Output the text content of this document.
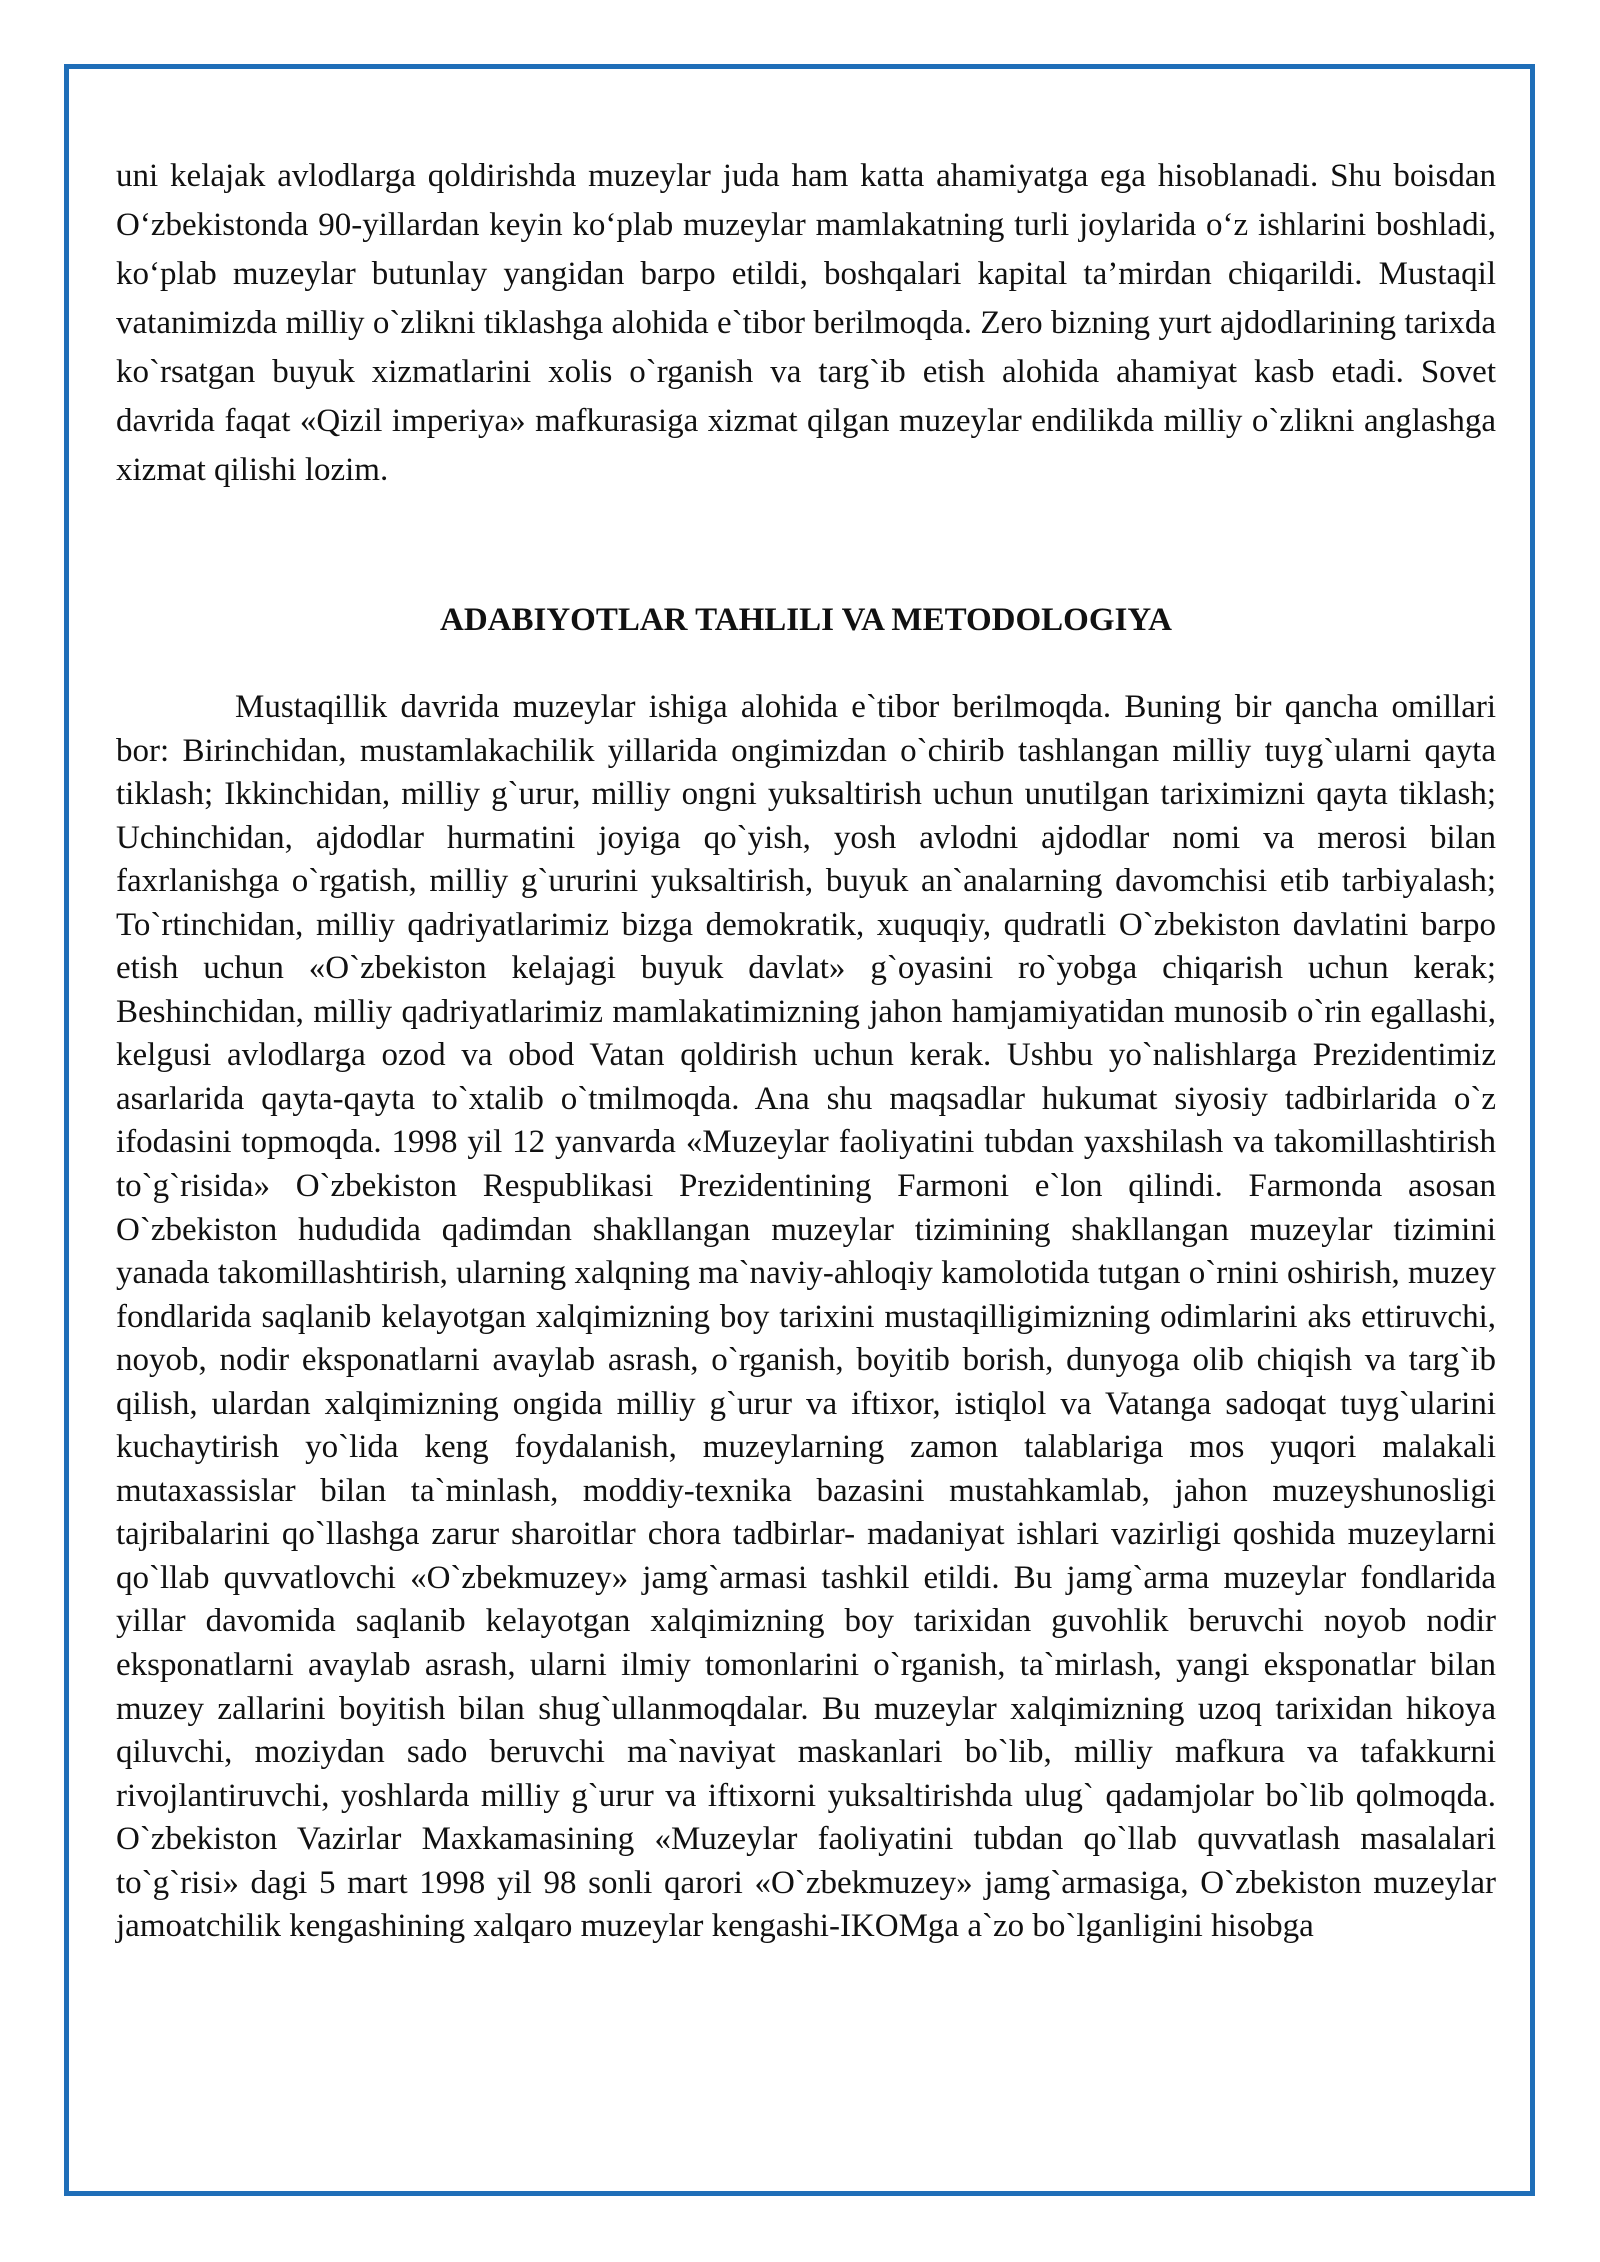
uni kelajak avlodlarga qoldirishda muzeylar juda ham katta ahamiyatga ega hisoblanadi. Shu boisdan O‘zbekistonda 90-yillardan keyin ko‘plab muzeylar mamlakatning turli joylarida o‘z ishlarini boshladi, ko‘plab muzeylar butunlay yangidan barpo etildi, boshqalari kapital ta’mirdan chiqarildi. Mustaqil vatanimizda milliy o`zlikni tiklashga alohida e`tibor berilmoqda. Zero bizning yurt ajdodlarining tarixda ko`rsatgan buyuk xizmatlarini xolis o`rganish va targ`ib etish alohida ahamiyat kasb etadi. Sovet davrida faqat «Qizil imperiya» mafkurasiga xizmat qilgan muzeylar endilikda milliy o`zlikni anglashga xizmat qilishi lozim.

ADABIYOTLAR TAHLILI VA METODOLOGIYA

Mustaqillik davrida muzeylar ishiga alohida e`tibor berilmoqda. Buning bir qancha omillari bor: Birinchidan, mustamlakachilik yillarida ongimizdan o`chirib tashlangan milliy tuyg`ularni qayta tiklash; Ikkinchidan, milliy g`urur, milliy ongni yuksaltirish uchun unutilgan tariximizni qayta tiklash; Uchinchidan, ajdodlar hurmatini joyiga qo`yish, yosh avlodni ajdodlar nomi va merosi bilan faxrlanishga o`rgatish, milliy g`ururini yuksaltirish, buyuk an`analarning davomchisi etib tarbiyalash; To`rtinchidan, milliy qadriyatlarimiz bizga demokratik, xuquqiy, qudratli O`zbekiston davlatini barpo etish uchun «O`zbekiston kelajagi buyuk davlat» g`oyasini ro`yobga chiqarish uchun kerak; Beshinchidan, milliy qadriyatlarimiz mamlakatimizning jahon hamjamiyatidan munosib o`rin egallashi, kelgusi avlodlarga ozod va obod Vatan qoldirish uchun kerak. Ushbu yo`nalishlarga Prezidentimiz asarlarida qayta-qayta to`xtalib o`tmilmoqda. Ana shu maqsadlar hukumat siyosiy tadbirlarida o`z ifodasini topmoqda. 1998 yil 12 yanvarda «Muzeylar faoliyatini tubdan yaxshilash va takomillashtirish to`g`risida» O`zbekiston Respublikasi Prezidentining Farmoni e`lon qilindi. Farmonda asosan O`zbekiston hududida qadimdan shakllangan muzeylar tizimining shakllangan muzeylar tizimini yanada takomillashtirish, ularning xalqning ma`naviy-ahloqiy kamolotida tutgan o`rnini oshirish, muzey fondlarida saqlanib kelayotgan xalqimizning boy tarixini mustaqilligimizning odimlarini aks ettiruvchi, noyob, nodir eksponatlarni avaylab asrash, o`rganish, boyitib borish, dunyoga olib chiqish va targ`ib qilish, ulardan xalqimizning ongida milliy g`urur va iftixor, istiqlol va Vatanga sadoqat tuyg`ularini kuchaytirish yo`lida keng foydalanish, muzeylarning zamon talablariga mos yuqori malakali mutaxassislar bilan ta`minlash, moddiy-texnika bazasini mustahkamlab, jahon muzeyshunosligi tajribalarini qo`llashga zarur sharoitlar chora tadbirlar- madaniyat ishlari vazirligi qoshida muzeylarni qo`llab quvvatlovchi «O`zbekmuzey» jamg`armasi tashkil etildi. Bu jamg`arma muzeylar fondlarida yillar davomida saqlanib kelayotgan xalqimizning boy tarixidan guvohlik beruvchi noyob nodir eksponatlarni avaylab asrash, ularni ilmiy tomonlarini o`rganish, ta`mirlash, yangi eksponatlar bilan muzey zallarini boyitish bilan shug`ullanmoqdalar. Bu muzeylar xalqimizning uzoq tarixidan hikoya qiluvchi, moziydan sado beruvchi ma`naviyat maskanlari bo`lib, milliy mafkura va tafakkurni rivojlantiruvchi, yoshlarda milliy g`urur va iftixorni yuksaltirishda ulug` qadamjolar bo`lib qolmoqda. O`zbekiston Vazirlar Maxkamasining «Muzeylar faoliyatini tubdan qo`llab quvvatlash masalalari to`g`risi» dagi 5 mart 1998 yil 98 sonli qarori «O`zbekmuzey» jamg`armasiga, O`zbekiston muzeylar jamoatchilik kengashining xalqaro muzeylar kengashi-IKOMga a`zo bo`lganligini hisobga
